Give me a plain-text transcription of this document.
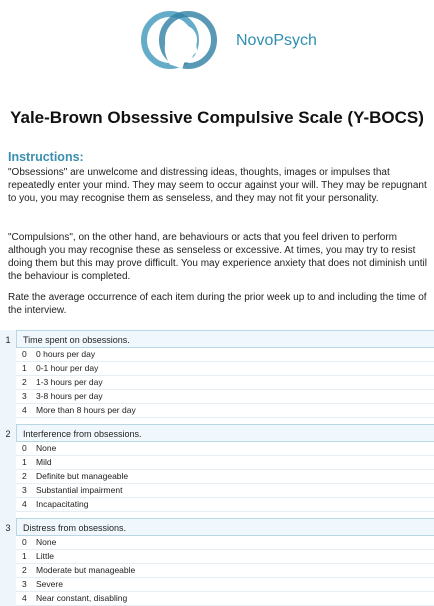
NovoPsych
Yale-Brown Obsessive Compulsive Scale (Y-BOCS)
Instructions:
"Obsessions" are unwelcome and distressing ideas, thoughts, images or impulses that repeatedly enter your mind. They may seem to occur against your will. They may be repugnant to you, you may recognise them as senseless, and they may not fit your personality.
"Compulsions", on the other hand, are behaviours or acts that you feel driven to perform although you may recognise these as senseless or excessive. At times, you may try to resist doing them but this may prove difficult. You may experience anxiety that does not diminish until the behaviour is completed.
Rate the average occurrence of each item during the prior week up to and including the time of the interview.
1	Time spent on obsessions.
0	0 hours per day
1	0-1 hour per day
2	1-3 hours per day
3	3-8 hours per day
4	More than 8 hours per day
2	Interference from obsessions.
0	None
1	Mild
2	Definite but manageable
3	Substantial impairment
4	Incapacitating
3	Distress from obsessions.
0	None
1	Little
2	Moderate but manageable
3	Severe
4	Near constant, disabling
